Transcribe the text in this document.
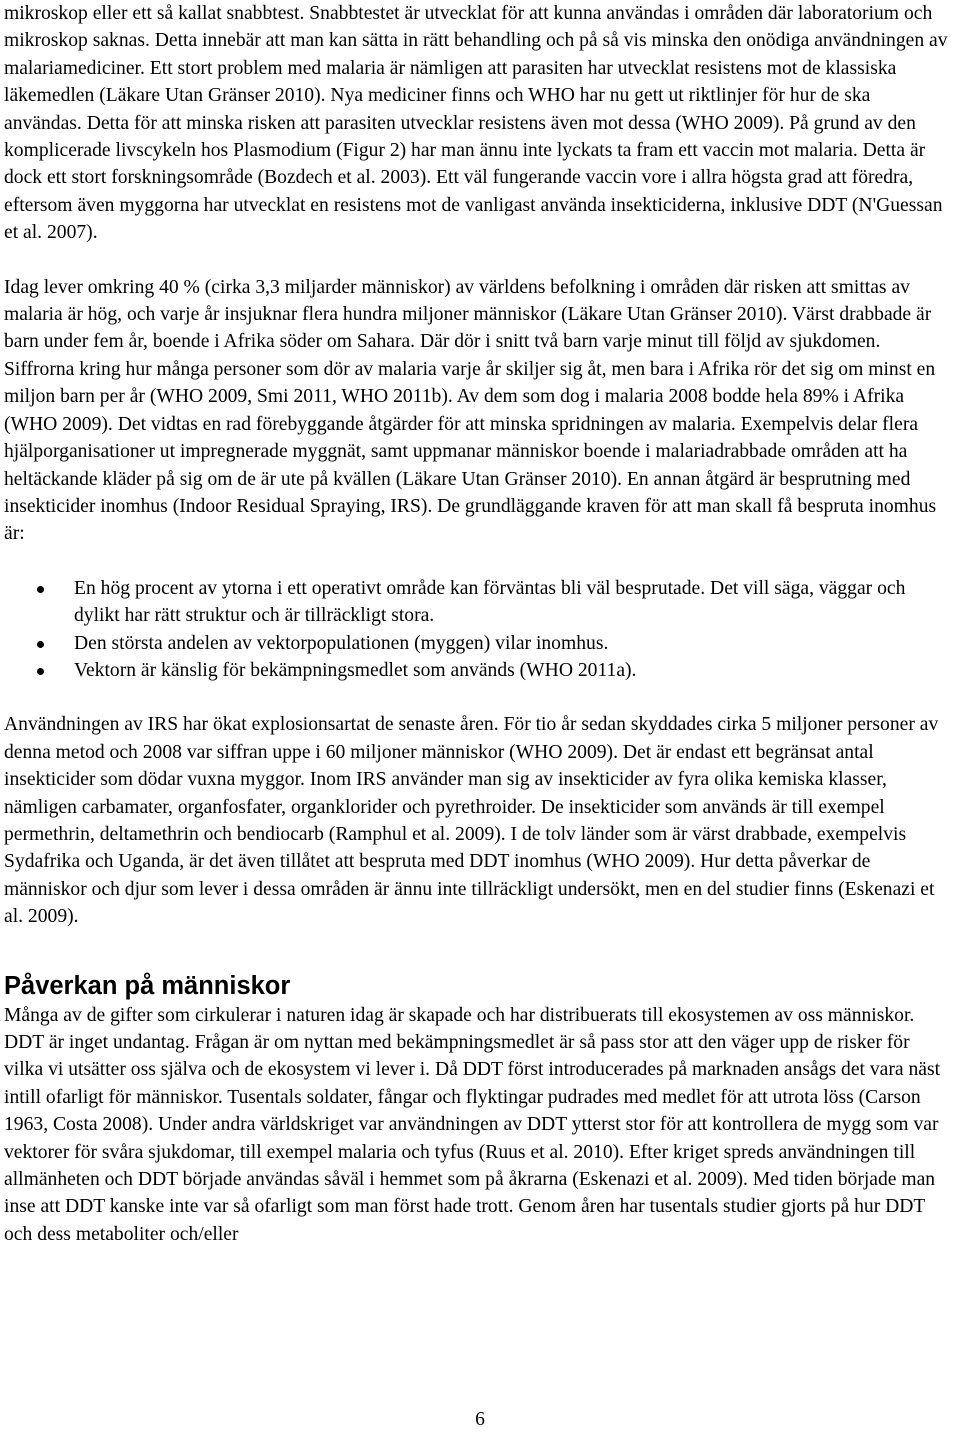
mikroskop eller ett så kallat snabbtest. Snabbtestet är utvecklat för att kunna användas i områden där laboratorium och mikroskop saknas. Detta innebär att man kan sätta in rätt behandling och på så vis minska den onödiga användningen av malariamediciner. Ett stort problem med malaria är nämligen att parasiten har utvecklat resistens mot de klassiska läkemedlen (Läkare Utan Gränser 2010). Nya mediciner finns och WHO har nu gett ut riktlinjer för hur de ska användas. Detta för att minska risken att parasiten utvecklar resistens även mot dessa (WHO 2009). På grund av den komplicerade livscykeln hos Plasmodium (Figur 2) har man ännu inte lyckats ta fram ett vaccin mot malaria. Detta är dock ett stort forskningsområde (Bozdech et al. 2003). Ett väl fungerande vaccin vore i allra högsta grad att föredra, eftersom även myggorna har utvecklat en resistens mot de vanligast använda insekticiderna, inklusive DDT (N'Guessan et al. 2007).

Idag lever omkring 40 % (cirka 3,3 miljarder människor) av världens befolkning i områden där risken att smittas av malaria är hög, och varje år insjuknar flera hundra miljoner människor (Läkare Utan Gränser 2010). Värst drabbade är barn under fem år, boende i Afrika söder om Sahara. Där dör i snitt två barn varje minut till följd av sjukdomen. Siffrorna kring hur många personer som dör av malaria varje år skiljer sig åt, men bara i Afrika rör det sig om minst en miljon barn per år (WHO 2009, Smi 2011, WHO 2011b). Av dem som dog i malaria 2008 bodde hela 89% i Afrika (WHO 2009). Det vidtas en rad förebyggande åtgärder för att minska spridningen av malaria. Exempelvis delar flera hjälporganisationer ut impregnerade myggnät, samt uppmanar människor boende i malariadrabbade områden att ha heltäckande kläder på sig om de är ute på kvällen (Läkare Utan Gränser 2010). En annan åtgärd är besprutning med insekticider inomhus (Indoor Residual Spraying, IRS). De grundläggande kraven för att man skall få bespruta inomhus är:

En hög procent av ytorna i ett operativt område kan förväntas bli väl besprutade. Det vill säga, väggar och dylikt har rätt struktur och är tillräckligt stora.
Den största andelen av vektorpopulationen (myggen) vilar inomhus.
Vektorn är känslig för bekämpningsmedlet som används (WHO 2011a).

Användningen av IRS har ökat explosionsartat de senaste åren. För tio år sedan skyddades cirka 5 miljoner personer av denna metod och 2008 var siffran uppe i 60 miljoner människor (WHO 2009). Det är endast ett begränsat antal insekticider som dödar vuxna myggor. Inom IRS använder man sig av insekticider av fyra olika kemiska klasser, nämligen carbamater, organfosfater, organklorider och pyrethroider. De insekticider som används är till exempel permethrin, deltamethrin och bendiocarb (Ramphul et al. 2009). I de tolv länder som är värst drabbade, exempelvis Sydafrika och Uganda, är det även tillåtet att bespruta med DDT inomhus (WHO 2009). Hur detta påverkar de människor och djur som lever i dessa områden är ännu inte tillräckligt undersökt, men en del studier finns (Eskenazi et al. 2009).

Påverkan på människor

Många av de gifter som cirkulerar i naturen idag är skapade och har distribuerats till ekosystemen av oss människor. DDT är inget undantag. Frågan är om nyttan med bekämpningsmedlet är så pass stor att den väger upp de risker för vilka vi utsätter oss själva och de ekosystem vi lever i. Då DDT först introducerades på marknaden ansågs det vara näst intill ofarligt för människor. Tusentals soldater, fångar och flyktingar pudrades med medlet för att utrota löss (Carson 1963, Costa 2008). Under andra världskriget var användningen av DDT ytterst stor för att kontrollera de mygg som var vektorer för svåra sjukdomar, till exempel malaria och tyfus (Ruus et al. 2010). Efter kriget spreds användningen till allmänheten och DDT började användas såväl i hemmet som på åkrarna (Eskenazi et al. 2009). Med tiden började man inse att DDT kanske inte var så ofarligt som man först hade trott. Genom åren har tusentals studier gjorts på hur DDT och dess metaboliter och/eller

6
